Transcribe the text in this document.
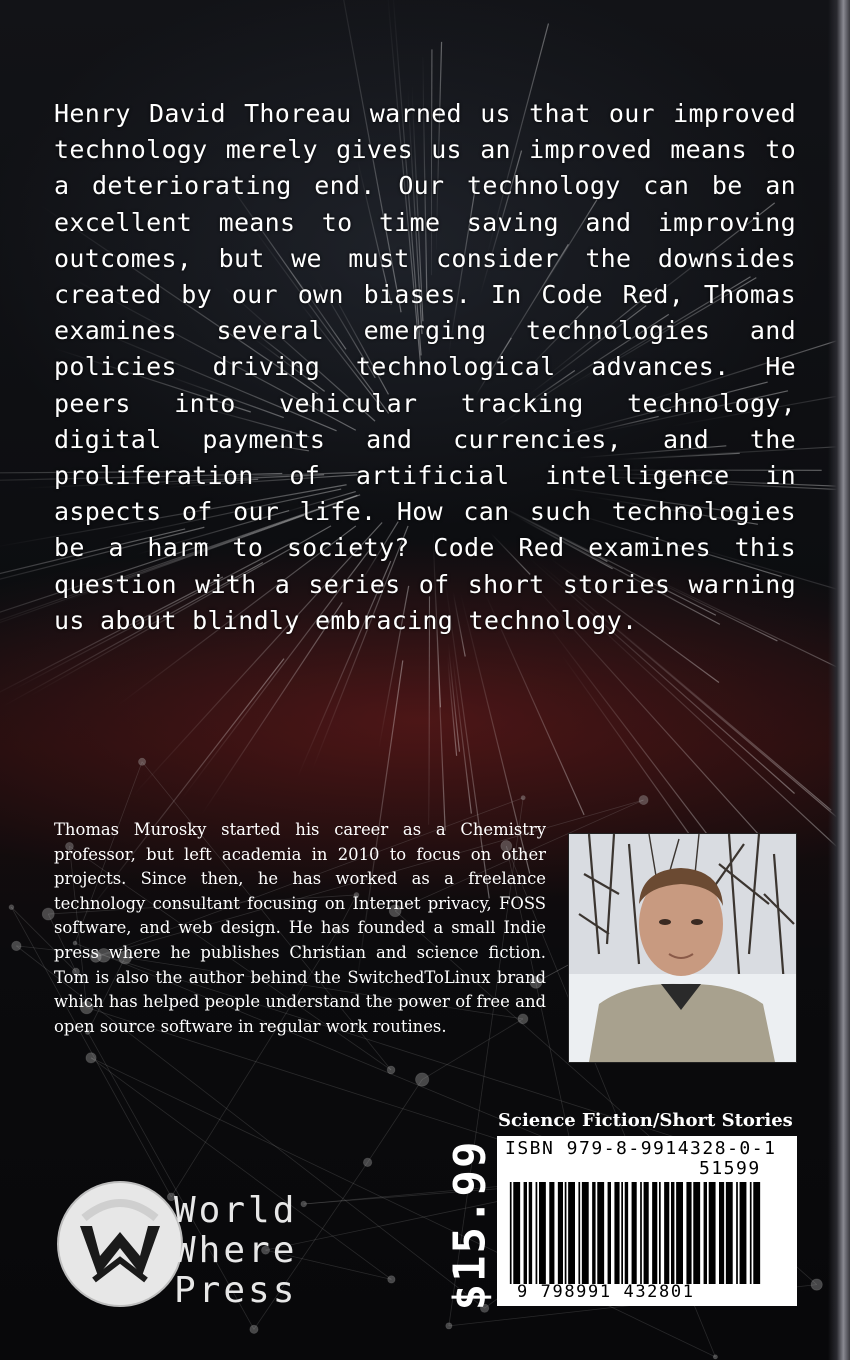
Henry David Thoreau warned us that our improved technology merely gives us an improved means to a deteriorating end. Our technology can be an excellent means to time saving and improving outcomes, but we must consider the downsides created by our own biases. In Code Red, Thomas examines several emerging technologies and policies driving technological advances. He peers into vehicular tracking technology, digital payments and currencies, and the proliferation of artificial intelligence in aspects of our life. How can such technologies be a harm to society? Code Red examines this question with a series of short stories warning us about blindly embracing technology.
Thomas Murosky started his career as a Chemistry professor, but left academia in 2010 to focus on other projects. Since then, he has worked as a freelance technology consultant focusing on Internet privacy, FOSS software, and web design. He has founded a small Indie press where he publishes Christian and science fiction. Tom is also the author behind the SwitchedToLinux brand which has helped people understand the power of free and open source software in regular work routines.
World
Where
Press	$15.99
Science Fiction/Short Stories
ISBN 979-8-9914328-0-1
51599
9 798991 432801
